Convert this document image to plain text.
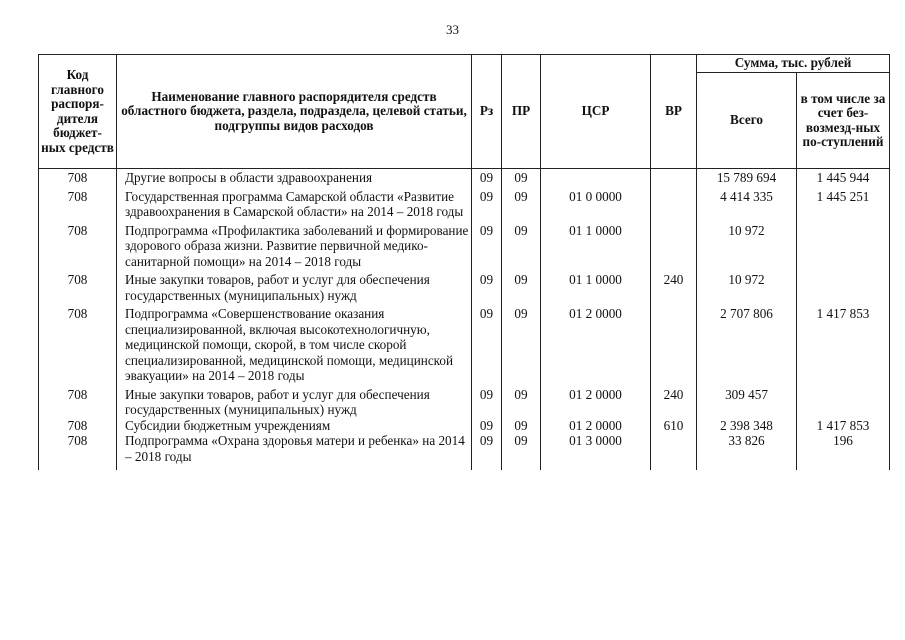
33
Код главного распоря-дителя бюджет-ных средств	Наименование главного распорядителя средств областного бюджета, раздела, подраздела, целевой статьи, подгруппы видов расходов	Рз	ПР	ЦСР	ВР	Сумма, тыс. рублей	
						Всего	в том числе за счет без-возмезд-ных по-ступлений
708	Другие вопросы в области здравоохранения	09	09			15 789 694	1 445 944
708	Государственная программа Самарской области «Развитие здравоохранения в Самарской области» на 2014 – 2018 годы	09	09	01 0 0000		4 414 335	1 445 251
708	Подпрограмма «Профилактика заболеваний и формирование здорового образа жизни. Развитие первичной медико-санитарной помощи» на 2014 – 2018 годы	09	09	01 1 0000		10 972	
708	Иные закупки товаров, работ и услуг для обеспечения государственных (муниципальных) нужд	09	09	01 1 0000	240	10 972	
708	Подпрограмма «Совершенствование оказания специализированной, включая высокотехнологичную, медицинской помощи, скорой, в том числе скорой специализированной, медицинской помощи, медицинской эвакуации» на 2014 – 2018 годы	09	09	01 2 0000		2 707 806	1 417 853
708	Иные закупки товаров, работ и услуг для обеспечения государственных (муниципальных) нужд	09	09	01 2 0000	240	309 457	
708	Субсидии бюджетным учреждениям	09	09	01 2 0000	610	2 398 348	1 417 853
708	Подпрограмма «Охрана здоровья матери и ребенка» на 2014 – 2018 годы	09	09	01 3 0000		33 826	196
